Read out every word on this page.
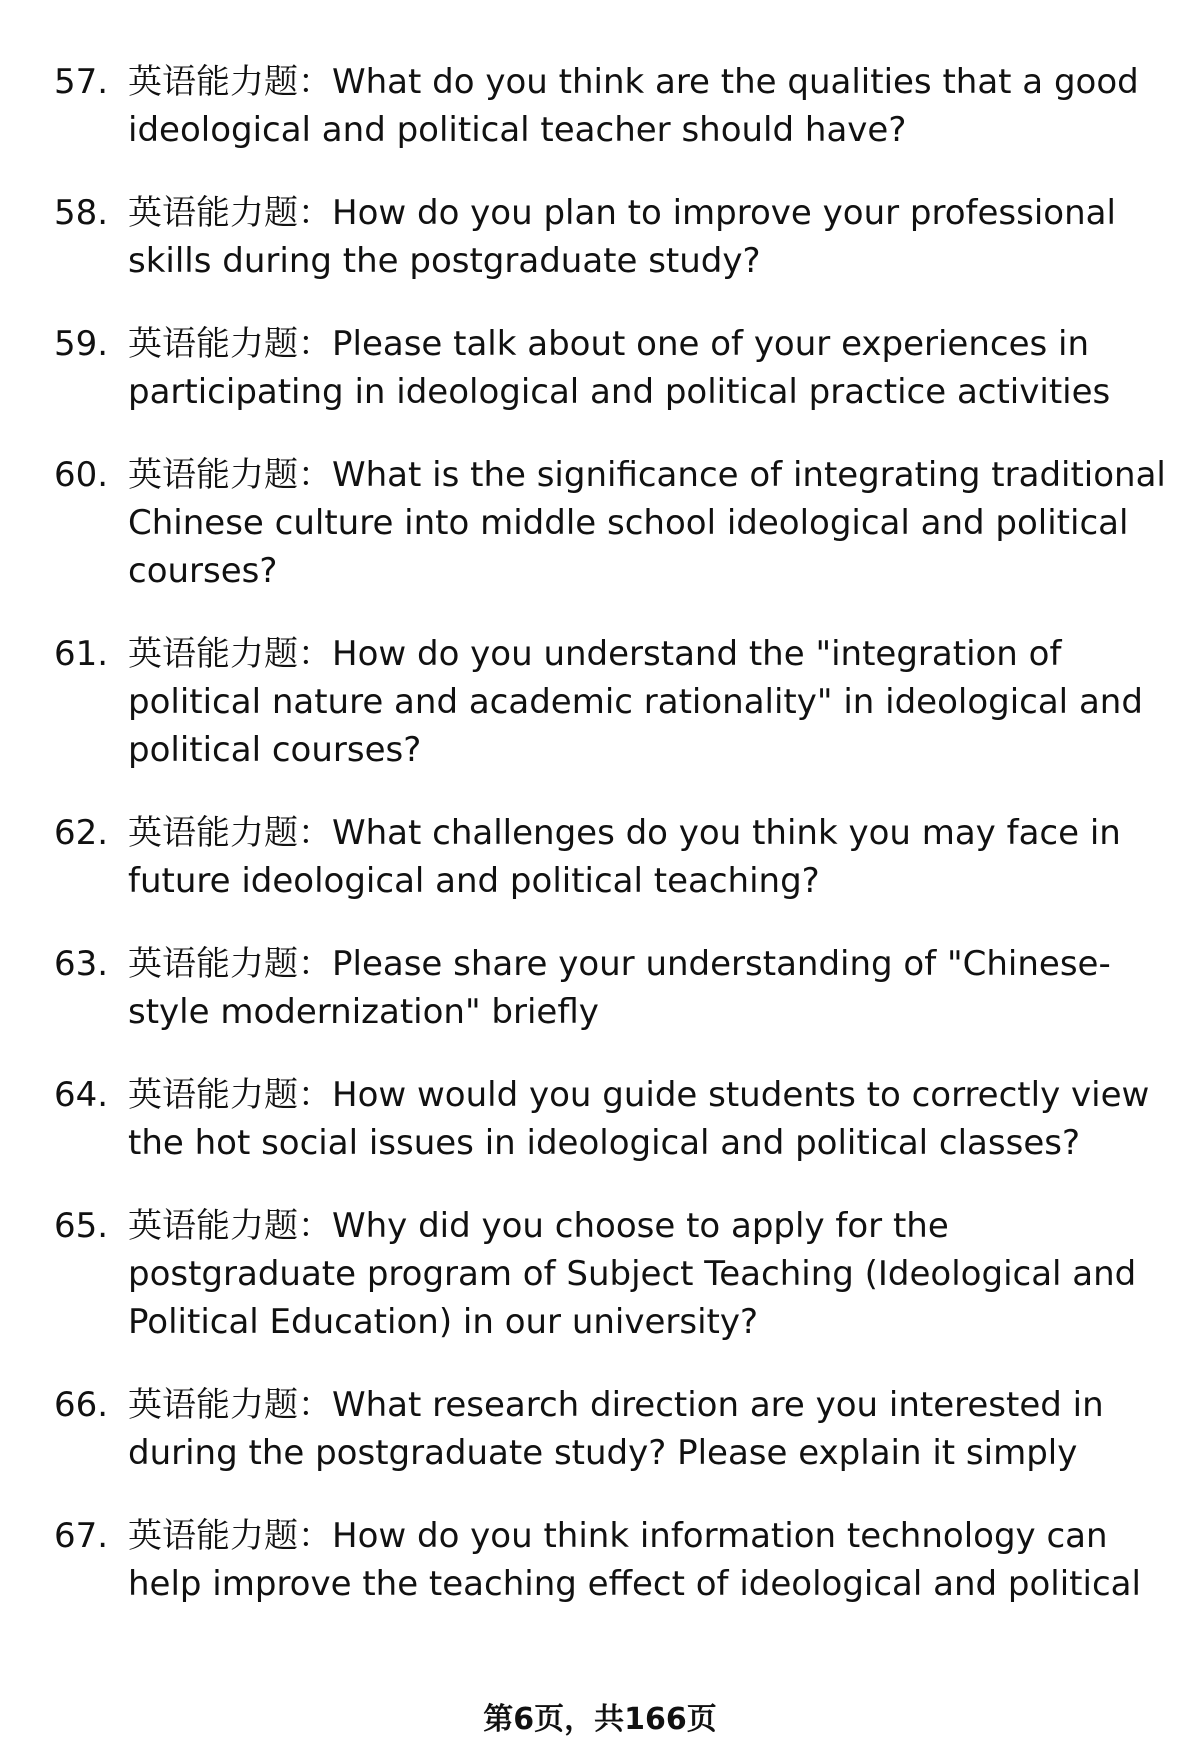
57. 英语能力题：What do you think are the qualities that a good ideological and political teacher should have?
58. 英语能力题：How do you plan to improve your professional skills during the postgraduate study?
59. 英语能力题：Please talk about one of your experiences in participating in ideological and political practice activities
60. 英语能力题：What is the significance of integrating traditional Chinese culture into middle school ideological and political courses?
61. 英语能力题：How do you understand the "integration of political nature and academic rationality" in ideological and political courses?
62. 英语能力题：What challenges do you think you may face in future ideological and political teaching?
63. 英语能力题：Please share your understanding of "Chinese-style modernization" briefly
64. 英语能力题：How would you guide students to correctly view the hot social issues in ideological and political classes?
65. 英语能力题：Why did you choose to apply for the postgraduate program of Subject Teaching (Ideological and Political Education) in our university?
66. 英语能力题：What research direction are you interested in during the postgraduate study? Please explain it simply
67. 英语能力题：How do you think information technology can help improve the teaching effect of ideological and political
第6页，共166页
